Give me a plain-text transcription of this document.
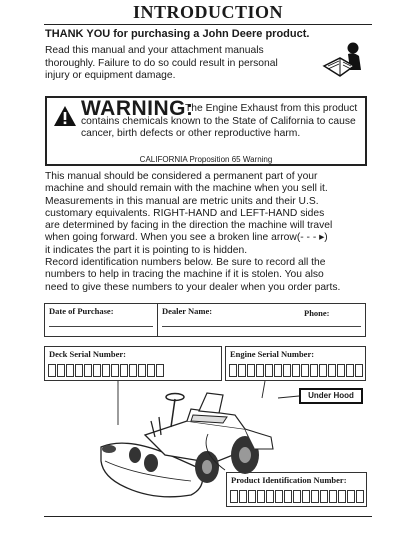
INTRODUCTION
THANK YOU for purchasing a John Deere product.
Read this manual and your attachment manuals
thoroughly. Failure to do so could result in personal
injury or equipment damage.
WARNING:
The Engine Exhaust from this product contains chemicals known to the State of California to cause cancer, birth defects or other reproductive harm.
CALIFORNIA Proposition 65 Warning
This manual should be considered a permanent part of your
machine and should remain with the machine when you sell it.
Measurements in this manual are metric units and their U.S.
customary equivalents. RIGHT-HAND and LEFT-HAND sides
are determined by facing in the direction the machine will travel
when going forward. When you see a broken line arrow(- - - ▸)
it indicates the part it is pointing to is hidden.
Record identification numbers below. Be sure to record all the
numbers to help in tracing the machine if it is stolen. You also
need to give these numbers to your dealer when you order parts.
Date of Purchase:	Dealer Name:	Phone:
Deck Serial Number:	Engine Serial Number:
Under Hood
Product Identification Number:
